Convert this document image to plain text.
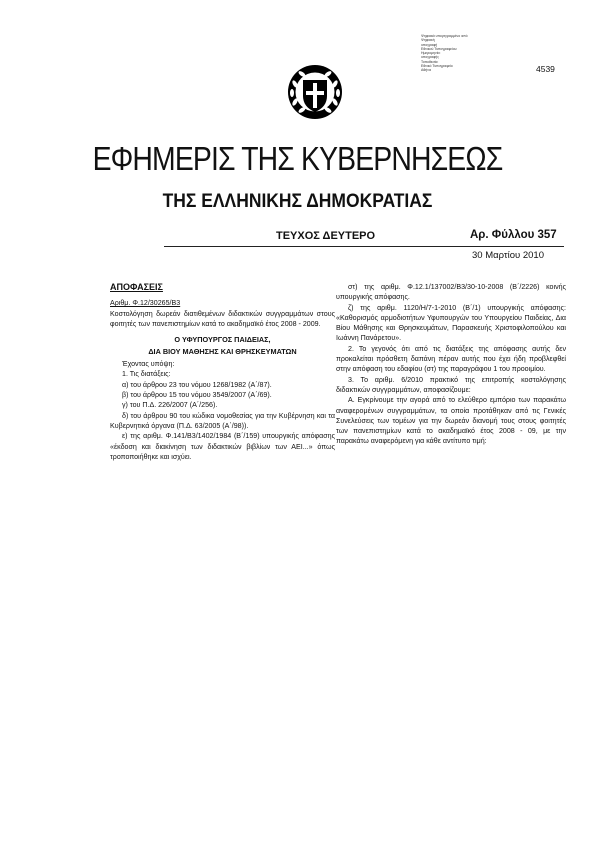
Ψηφιακά υπογεγραμμένο από
Ψηφιακή
υπογραφή
Εθνικού Τυπογραφείου
Ημερομηνία:
υπογραφής
Τοποθεσία:
Εθνικό Τυπογραφείο
Αθήνα	4539
ΕΦΗΜΕΡΙΣ ΤΗΣ ΚΥΒΕΡΝΗΣΕΩΣ
ΤΗΣ ΕΛΛΗΝΙΚΗΣ ΔΗΜΟΚΡΑΤΙΑΣ
ΤΕΥΧΟΣ ΔΕΥΤΕΡΟ	Αρ. Φύλλου 357
30 Μαρτίου 2010

ΑΠΟΦΑΣΕΙΣ

Αριθμ. Φ.12/30265/Β3

Κοστολόγηση δωρεάν διατιθεμένων διδακτικών συγγραμμάτων στους φοιτητές των πανεπιστημίων κατά το ακαδημαϊκό έτος 2008 - 2009.

Ο ΥΦΥΠΟΥΡΓΟΣ ΠΑΙΔΕΙΑΣ,

ΔΙΑ ΒΙΟΥ ΜΑΘΗΣΗΣ ΚΑΙ ΘΡΗΣΚΕΥΜΑΤΩΝ

Έχοντας υπόψη:

1. Τις διατάξεις:

α) του άρθρου 23 του νόμου 1268/1982 (Α΄/87).

β) του άρθρου 15 του νόμου 3549/2007 (Α΄/69).

γ) του Π.Δ. 226/2007 (Α΄/256).

δ) του άρθρου 90 του κώδικα νομοθεσίας για την Κυβέρνηση και τα Κυβερνητικά όργανα (Π.Δ. 63/2005 (Α΄/98)).

ε) της αριθμ. Φ.141/Β3/1402/1984 (Β΄/159) υπουργικής απόφασης «έκδοση και διακίνηση των διδακτικών βιβλίων των ΑΕΙ...» όπως τροποποιήθηκε και ισχύει.

στ) της αριθμ. Φ.12.1/137002/Β3/30-10-2008 (Β΄/2226) κοινής υπουργικής απόφασης.

ζ) της αριθμ. 1120/Η/7-1-2010 (Β΄/1) υπουργικής απόφασης: «Καθορισμός αρμοδιοτήτων Υφυπουργών του Υπουργείου Παιδείας, Δια Βίου Μάθησης και Θρησκευμάτων, Παρασκευής Χριστοφιλοπούλου και Ιωάννη Πανάρετου».

2. Το γεγονός ότι από τις διατάξεις της απόφασης αυτής δεν προκαλείται πρόσθετη δαπάνη πέραν αυτής που έχει ήδη προβλεφθεί στην απόφαση του εδαφίου (στ) της παραγράφου 1 του προοιμίου.

3. Το αριθμ. 6/2010 πρακτικό της επιτροπής κοστολόγησης διδακτικών συγγραμμάτων, αποφασίζουμε:

Α. Εγκρίνουμε την αγορά από το ελεύθερο εμπόριο των παρακάτω αναφερομένων συγγραμμάτων, τα οποία προτάθηκαν από τις Γενικές Συνελεύσεις των τομέων για την δωρεάν διανομή τους στους φοιτητές των πανεπιστημίων κατά το ακαδημαϊκό έτος 2008 - 09, με την παρακάτω αναφερόμενη για κάθε αντίτυπο τιμή:
